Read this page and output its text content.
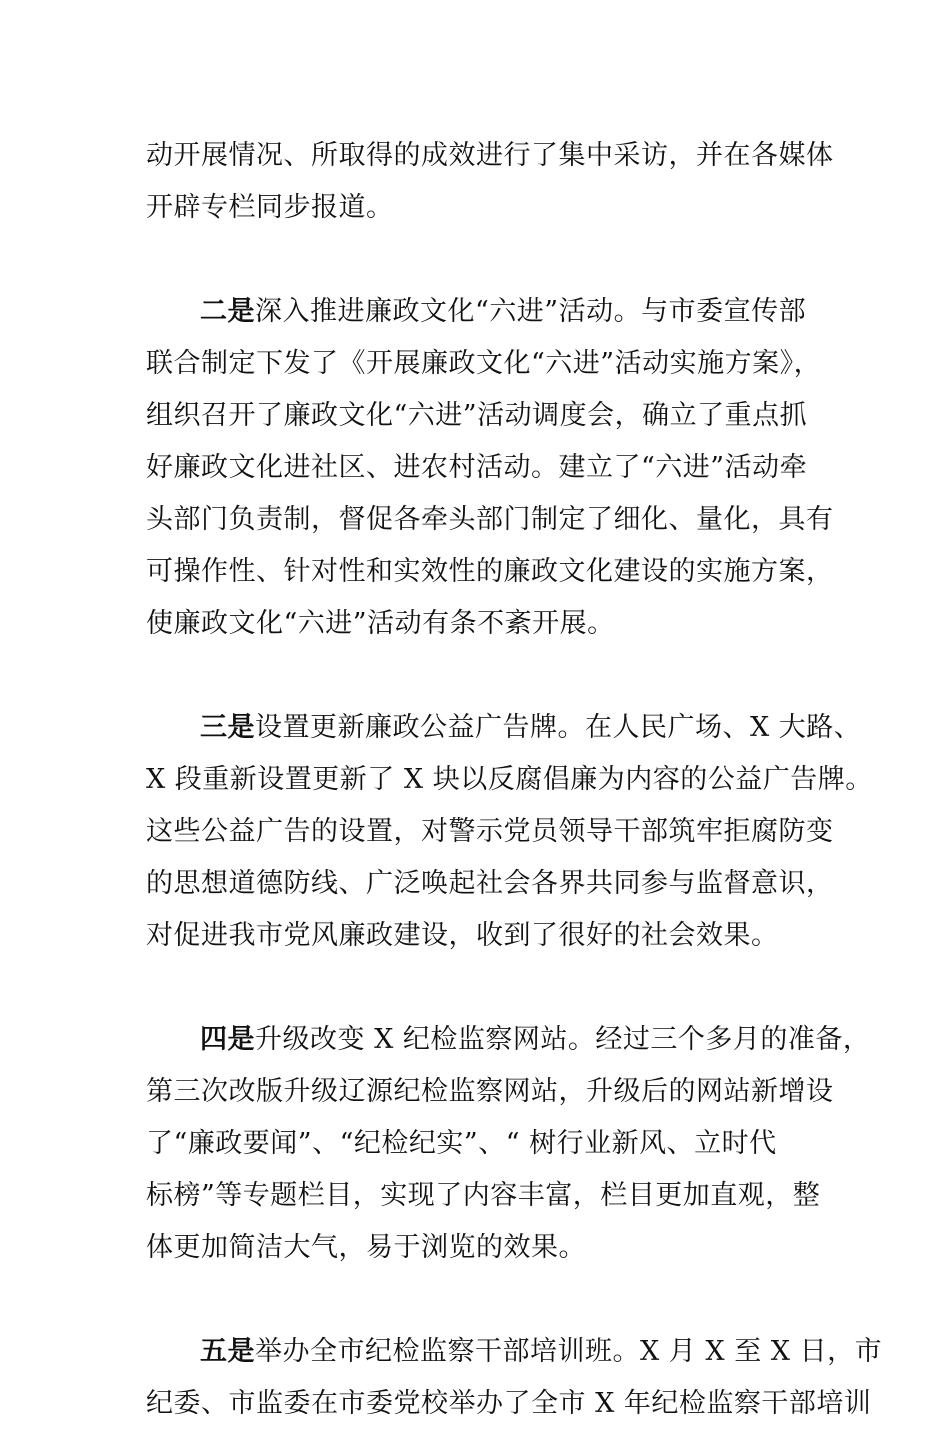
动开展情况、所取得的成效进行了集中采访，并在各媒体
开辟专栏同步报道。
二是深入推进廉政文化“六进”活动。与市委宣传部
联合制定下发了《开展廉政文化“六进”活动实施方案》，
组织召开了廉政文化“六进”活动调度会，确立了重点抓
好廉政文化进社区、进农村活动。建立了“六进”活动牵
头部门负责制，督促各牵头部门制定了细化、量化，具有
可操作性、针对性和实效性的廉政文化建设的实施方案，
使廉政文化“六进”活动有条不紊开展。
三是设置更新廉政公益广告牌。在人民广场、X 大路、
X 段重新设置更新了 X 块以反腐倡廉为内容的公益广告牌。
这些公益广告的设置，对警示党员领导干部筑牢拒腐防变
的思想道德防线、广泛唤起社会各界共同参与监督意识，
对促进我市党风廉政建设，收到了很好的社会效果。
四是升级改变 X 纪检监察网站。经过三个多月的准备，
第三次改版升级辽源纪检监察网站，升级后的网站新增设
了“廉政要闻”、“纪检纪实”、“ 树行业新风、立时代
标榜”等专题栏目，实现了内容丰富，栏目更加直观，整
体更加简洁大气，易于浏览的效果。
五是举办全市纪检监察干部培训班。X 月 X 至 X 日，市
纪委、市监委在市委党校举办了全市 X 年纪检监察干部培训
